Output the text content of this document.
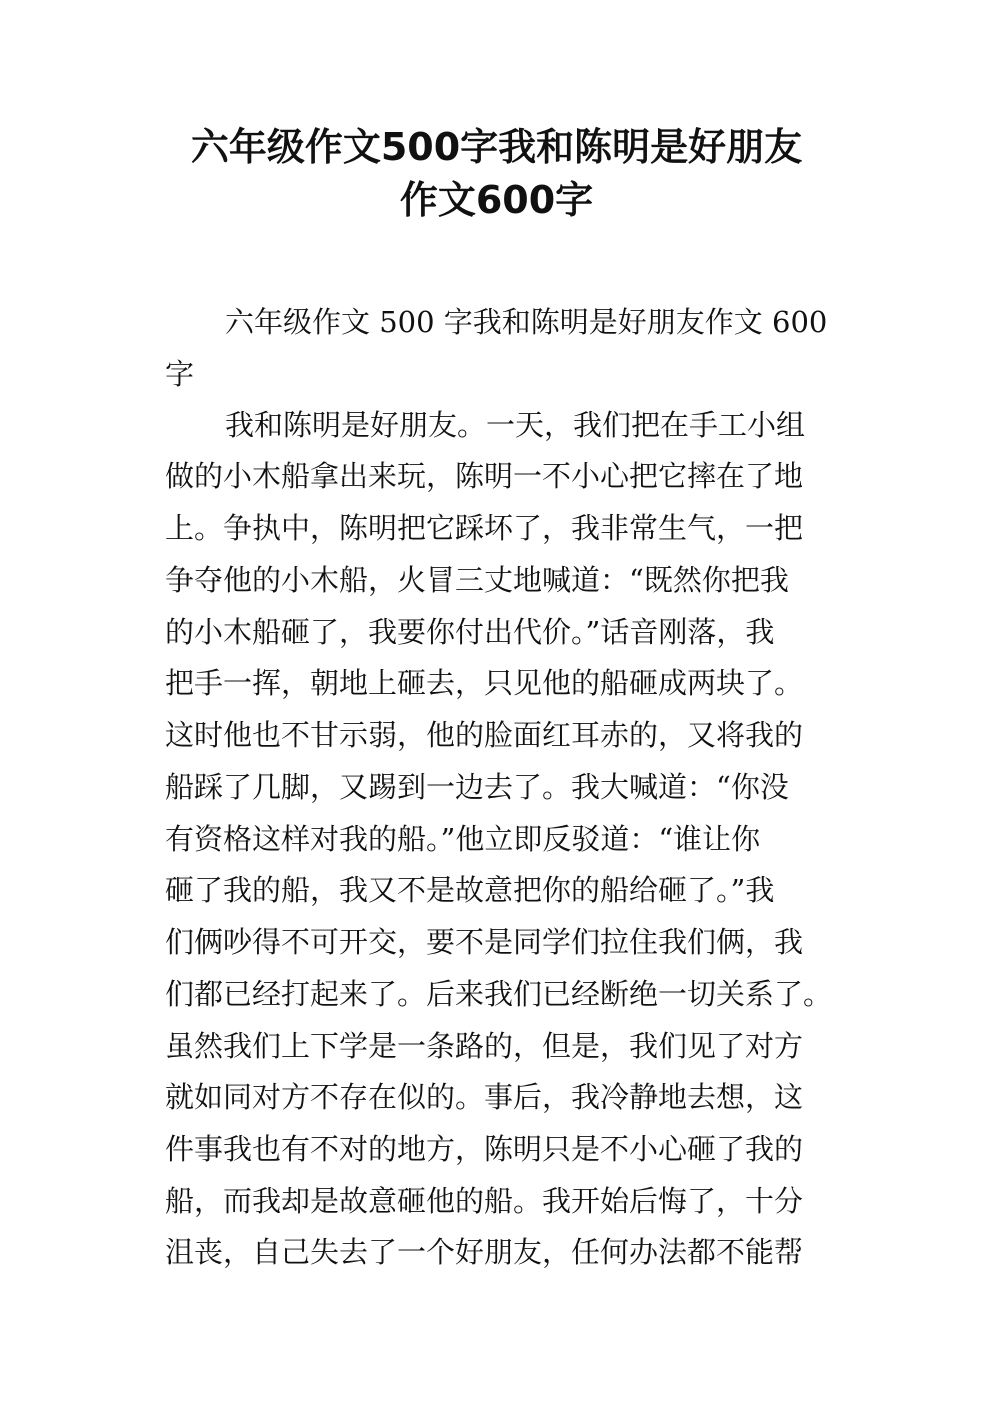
六年级作文500字我和陈明是好朋友
作文600字

六年级作文 500 字我和陈明是好朋友作文 600

字

我和陈明是好朋友。一天，我们把在手工小组

做的小木船拿出来玩，陈明一不小心把它摔在了地

上。争执中，陈明把它踩坏了，我非常生气，一把

争夺他的小木船，火冒三丈地喊道：“既然你把我

的小木船砸了，我要你付出代价。”话音刚落，我

把手一挥，朝地上砸去，只见他的船砸成两块了。

这时他也不甘示弱，他的脸面红耳赤的，又将我的

船踩了几脚，又踢到一边去了。我大喊道：“你没

有资格这样对我的船。”他立即反驳道：“谁让你

砸了我的船，我又不是故意把你的船给砸了。”我

们俩吵得不可开交，要不是同学们拉住我们俩，我

们都已经打起来了。后来我们已经断绝一切关系了。

虽然我们上下学是一条路的，但是，我们见了对方

就如同对方不存在似的。事后，我冷静地去想，这

件事我也有不对的地方，陈明只是不小心砸了我的

船，而我却是故意砸他的船。我开始后悔了，十分

沮丧，自己失去了一个好朋友，任何办法都不能帮
